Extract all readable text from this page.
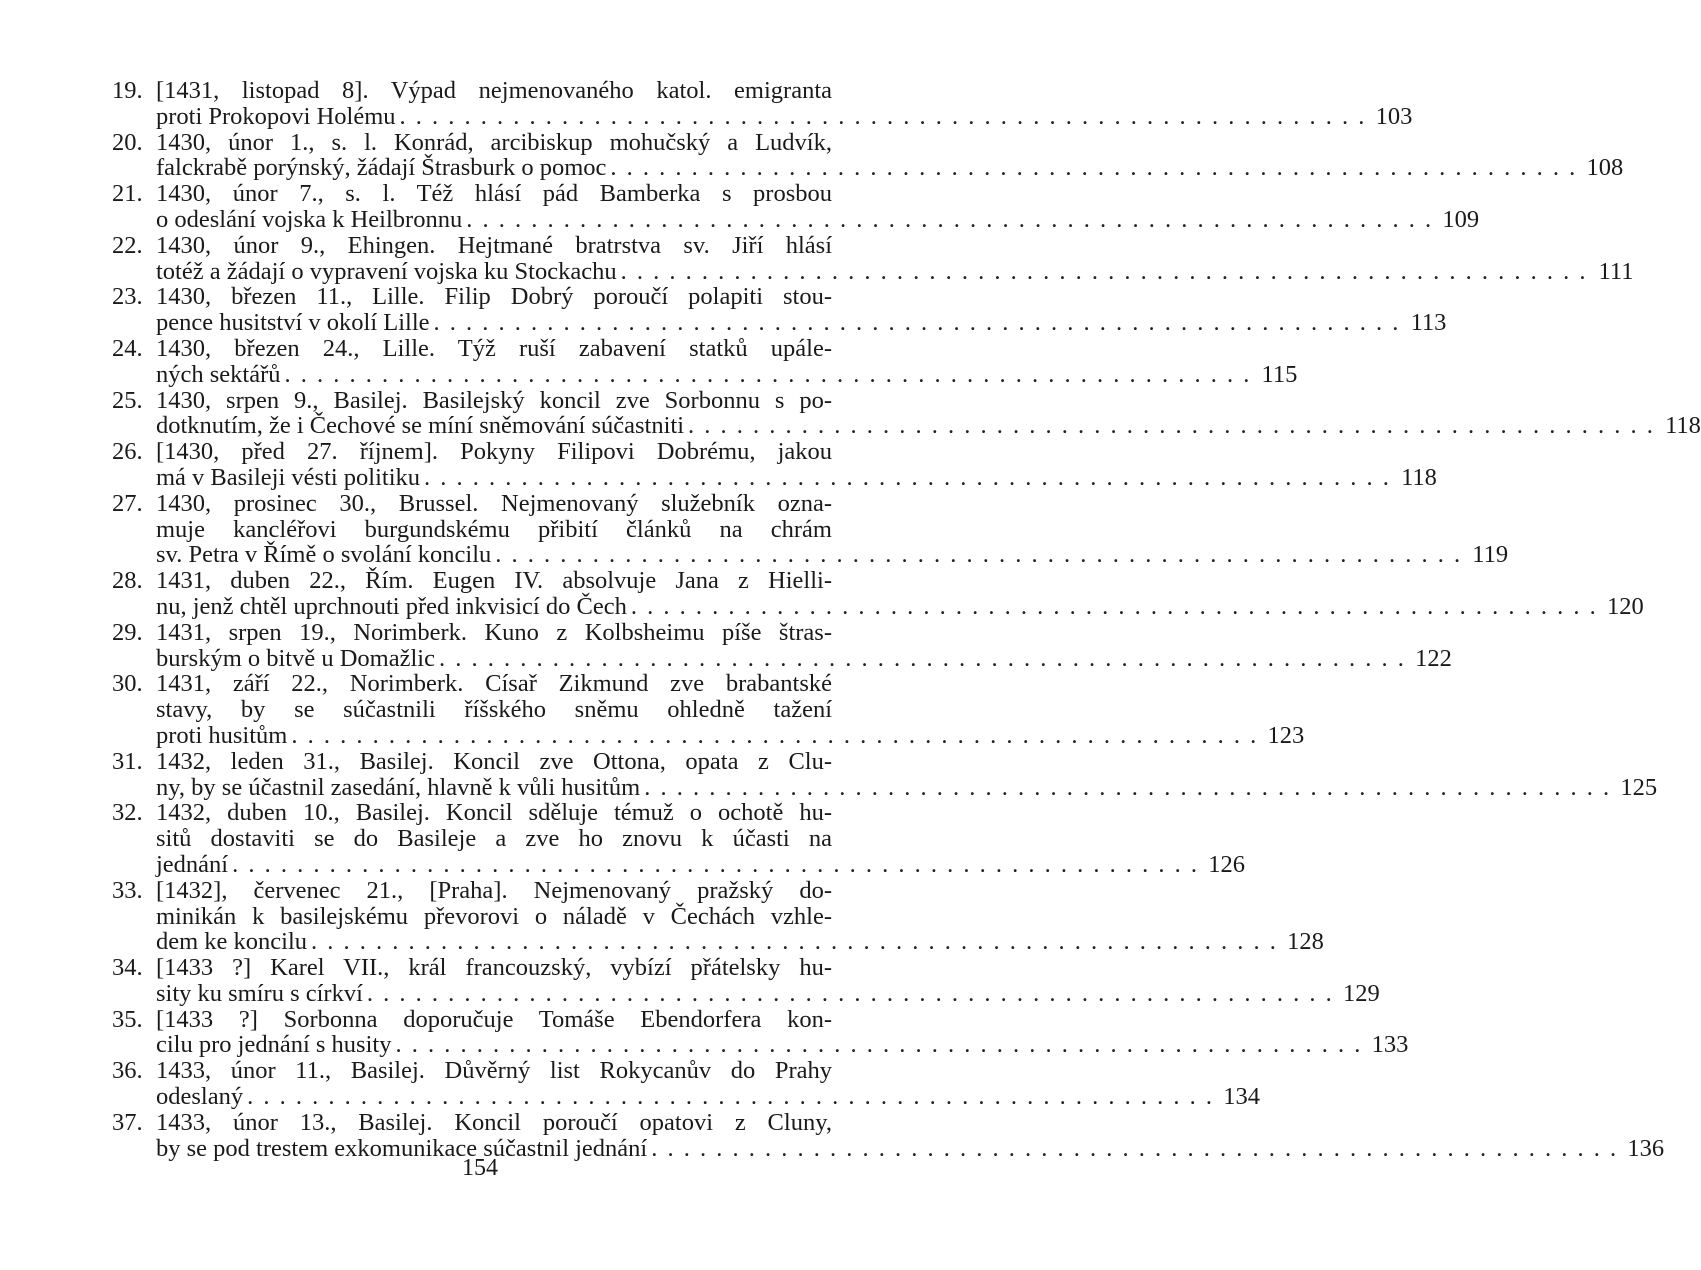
19. [1431, listopad 8]. Výpad nejmenovaného katol. emigranta
proti Prokopovi Holému . . . . . . . . . . . . . . . . . . . . . . . . . . . . . . . . . . . . . . . . . . . . . . . . . . . . . . . . . . . . 103
20. 1430, únor 1., s. l. Konrád, arcibiskup mohučský a Ludvík,
falckrabě porýnský, žádají Štrasburk o pomoc . . . . . . . . . . . . . . . . . . . . . . . . . . . . . . . . . . . . . . . . . . . . . . . . . . . . . . . . . . . . 108
21. 1430, únor 7., s. l. Též hlásí pád Bamberka s prosbou
o odeslání vojska k Heilbronnu . . . . . . . . . . . . . . . . . . . . . . . . . . . . . . . . . . . . . . . . . . . . . . . . . . . . . . . . . . . . 109
22. 1430, únor 9., Ehingen. Hejtmané bratrstva sv. Jiří hlásí
totéž a žádají o vypravení vojska ku Stockachu . . . . . . . . . . . . . . . . . . . . . . . . . . . . . . . . . . . . . . . . . . . . . . . . . . . . . . . . . . . . 111
23. 1430, březen 11., Lille. Filip Dobrý poroučí polapiti stou-
pence husitství v okolí Lille . . . . . . . . . . . . . . . . . . . . . . . . . . . . . . . . . . . . . . . . . . . . . . . . . . . . . . . . . . . . 113
24. 1430, březen 24., Lille. Týž ruší zabavení statků upále-
ných sektářů . . . . . . . . . . . . . . . . . . . . . . . . . . . . . . . . . . . . . . . . . . . . . . . . . . . . . . . . . . . . 115
25. 1430, srpen 9., Basilej. Basilejský koncil zve Sorbonnu s po-
dotknutím, že i Čechové se míní sněmování súčastniti . . . . . . . . . . . . . . . . . . . . . . . . . . . . . . . . . . . . . . . . . . . . . . . . . . . . . . . . . . . . 118
26. [1430, před 27. říjnem]. Pokyny Filipovi Dobrému, jakou
má v Basileji vésti politiku . . . . . . . . . . . . . . . . . . . . . . . . . . . . . . . . . . . . . . . . . . . . . . . . . . . . . . . . . . . . 118
27. 1430, prosinec 30., Brussel. Nejmenovaný služebník ozna-
muje kancléřovi burgundskému přibití článků na chrám
sv. Petra v Římě o svolání koncilu . . . . . . . . . . . . . . . . . . . . . . . . . . . . . . . . . . . . . . . . . . . . . . . . . . . . . . . . . . . . 119
28. 1431, duben 22., Řím. Eugen IV. absolvuje Jana z Hielli-
nu, jenž chtěl uprchnouti před inkvisicí do Čech . . . . . . . . . . . . . . . . . . . . . . . . . . . . . . . . . . . . . . . . . . . . . . . . . . . . . . . . . . . . 120
29. 1431, srpen 19., Norimberk. Kuno z Kolbsheimu píše štras-
burským o bitvě u Domažlic . . . . . . . . . . . . . . . . . . . . . . . . . . . . . . . . . . . . . . . . . . . . . . . . . . . . . . . . . . . . 122
30. 1431, září 22., Norimberk. Císař Zikmund zve brabantské
stavy, by se súčastnili říšského sněmu ohledně tažení
proti husitům . . . . . . . . . . . . . . . . . . . . . . . . . . . . . . . . . . . . . . . . . . . . . . . . . . . . . . . . . . . . 123
31. 1432, leden 31., Basilej. Koncil zve Ottona, opata z Clu-
ny, by se účastnil zasedání, hlavně k vůli husitům . . . . . . . . . . . . . . . . . . . . . . . . . . . . . . . . . . . . . . . . . . . . . . . . . . . . . . . . . . . . 125
32. 1432, duben 10., Basilej. Koncil sděluje témuž o ochotě hu-
sitů dostaviti se do Basileje a zve ho znovu k účasti na
jednání . . . . . . . . . . . . . . . . . . . . . . . . . . . . . . . . . . . . . . . . . . . . . . . . . . . . . . . . . . . . 126
33. [1432], červenec 21., [Praha]. Nejmenovaný pražský do-
minikán k basilejskému převorovi o náladě v Čechách vzhle-
dem ke koncilu . . . . . . . . . . . . . . . . . . . . . . . . . . . . . . . . . . . . . . . . . . . . . . . . . . . . . . . . . . . . 128
34. [1433 ?] Karel VII., král francouzský, vybízí přátelsky hu-
sity ku smíru s církví . . . . . . . . . . . . . . . . . . . . . . . . . . . . . . . . . . . . . . . . . . . . . . . . . . . . . . . . . . . . 129
35. [1433 ?] Sorbonna doporučuje Tomáše Ebendorfera kon-
cilu pro jednání s husity . . . . . . . . . . . . . . . . . . . . . . . . . . . . . . . . . . . . . . . . . . . . . . . . . . . . . . . . . . . . 133
36. 1433, únor 11., Basilej. Důvěrný list Rokycanův do Prahy
odeslaný . . . . . . . . . . . . . . . . . . . . . . . . . . . . . . . . . . . . . . . . . . . . . . . . . . . . . . . . . . . . 134
37. 1433, únor 13., Basilej. Koncil poroučí opatovi z Cluny,
by se pod trestem exkomunikace súčastnil jednání . . . . . . . . . . . . . . . . . . . . . . . . . . . . . . . . . . . . . . . . . . . . . . . . . . . . . . . . . . . . 136
154
